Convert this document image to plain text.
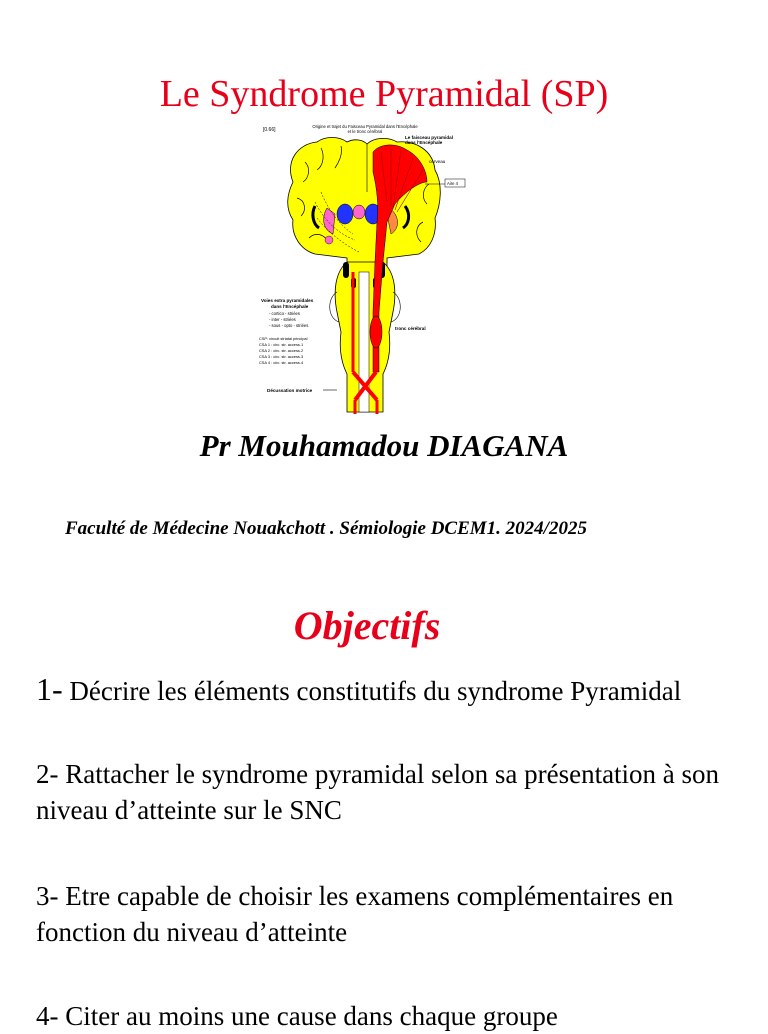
Le Syndrome Pyramidal (SP)
[0.66]
Origine et trajet du Faisceau Pyramidal dans l'Encéphale
et le tronc cérébral
Le faisceau pyramidal
dans l'Encéphale
cerveau
Aire 4
tronc cérébral
Voies extra pyramidales
dans l'Encéphale
- cortico - striées
- inter - striées
- sous - opto - striées
CSP: circuit striatal principal
CSA 1 : circ. str. access.1
CSA 2 : circ. str. access.2
CSA 3 : circ. str. access.3
CSA 4 : circ. str. access.4
Décussation motrice
Pr Mouhamadou DIAGANA
Faculté de Médecine Nouakchott . Sémiologie DCEM1. 2024/2025
Objectifs
1- Décrire les éléments constitutifs du syndrome Pyramidal
2- Rattacher le syndrome pyramidal selon sa présentation à son niveau d’atteinte sur le SNC
3- Etre capable de choisir les examens complémentaires en fonction du niveau d’atteinte
4- Citer au moins une cause dans chaque groupe
